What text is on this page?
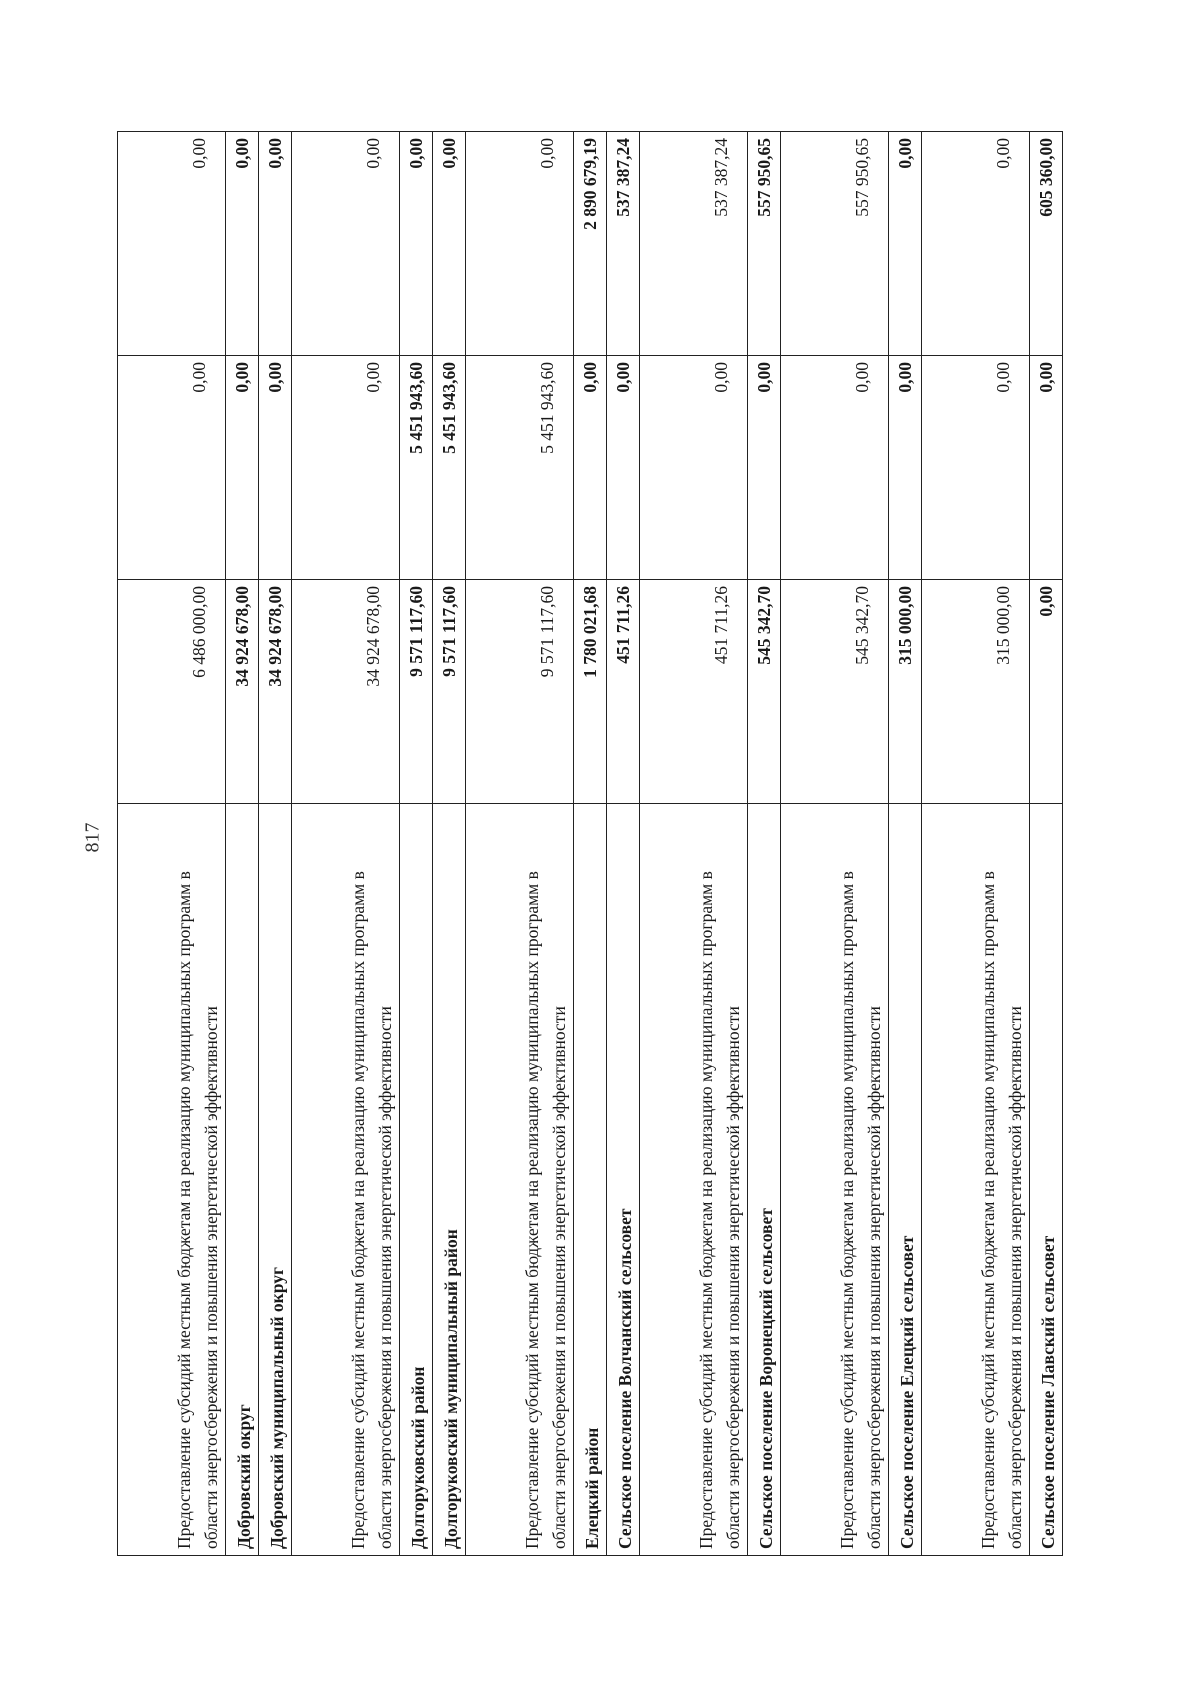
817
Предоставление субсидий местным бюджетам на реализацию муниципальных программ в области энергосбережения и повышения энергетической эффективности	6 486 000,00	0,00	0,00
Добровский округ	34 924 678,00	0,00	0,00
Добровский муниципальный округ	34 924 678,00	0,00	0,00
Предоставление субсидий местным бюджетам на реализацию муниципальных программ в области энергосбережения и повышения энергетической эффективности	34 924 678,00	0,00	0,00
Долгоруковский район	9 571 117,60	5 451 943,60	0,00
Долгоруковский муниципальный район	9 571 117,60	5 451 943,60	0,00
Предоставление субсидий местным бюджетам на реализацию муниципальных программ в области энергосбережения и повышения энергетической эффективности	9 571 117,60	5 451 943,60	0,00
Елецкий район	1 780 021,68	0,00	2 890 679,19
Сельское поселение Волчанский сельсовет	451 711,26	0,00	537 387,24
Предоставление субсидий местным бюджетам на реализацию муниципальных программ в области энергосбережения и повышения энергетической эффективности	451 711,26	0,00	537 387,24
Сельское поселение Воронецкий сельсовет	545 342,70	0,00	557 950,65
Предоставление субсидий местным бюджетам на реализацию муниципальных программ в области энергосбережения и повышения энергетической эффективности	545 342,70	0,00	557 950,65
Сельское поселение Елецкий сельсовет	315 000,00	0,00	0,00
Предоставление субсидий местным бюджетам на реализацию муниципальных программ в области энергосбережения и повышения энергетической эффективности	315 000,00	0,00	0,00
Сельское поселение Лавский сельсовет	0,00	0,00	605 360,00
